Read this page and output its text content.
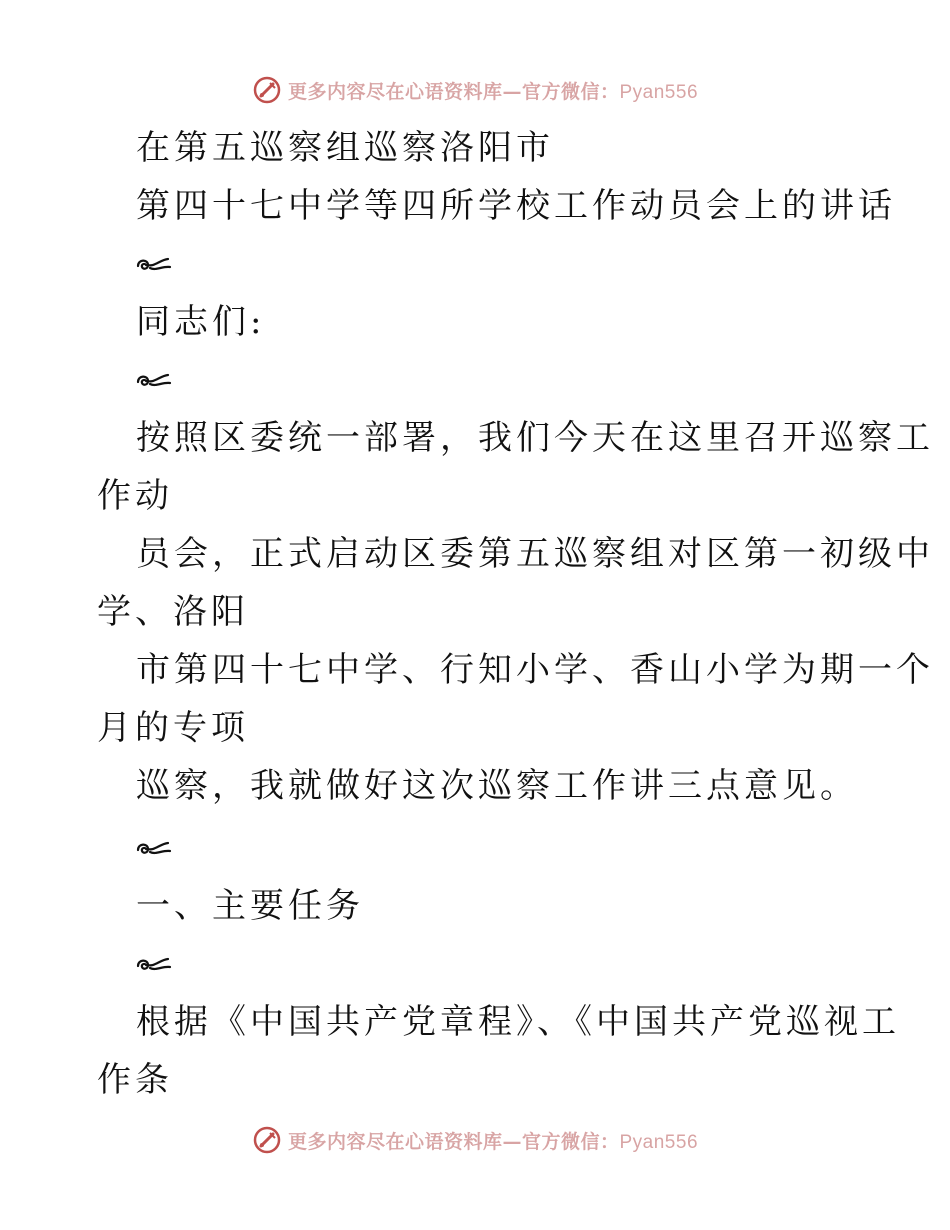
更多内容尽在心语资料库—官方微信：Pyan556
在第五巡察组巡察洛阳市
第四十七中学等四所学校工作动员会上的讲话
同志们:
按照区委统一部署，我们今天在这里召开巡察工
作动
员会，正式启动区委第五巡察组对区第一初级中
学、洛阳
市第四十七中学、行知小学、香山小学为期一个
月的专项
巡察，我就做好这次巡察工作讲三点意见。
一、主要任务
根据《中国共产党章程》、《中国共产党巡视工
作条
更多内容尽在心语资料库—官方微信：Pyan556
